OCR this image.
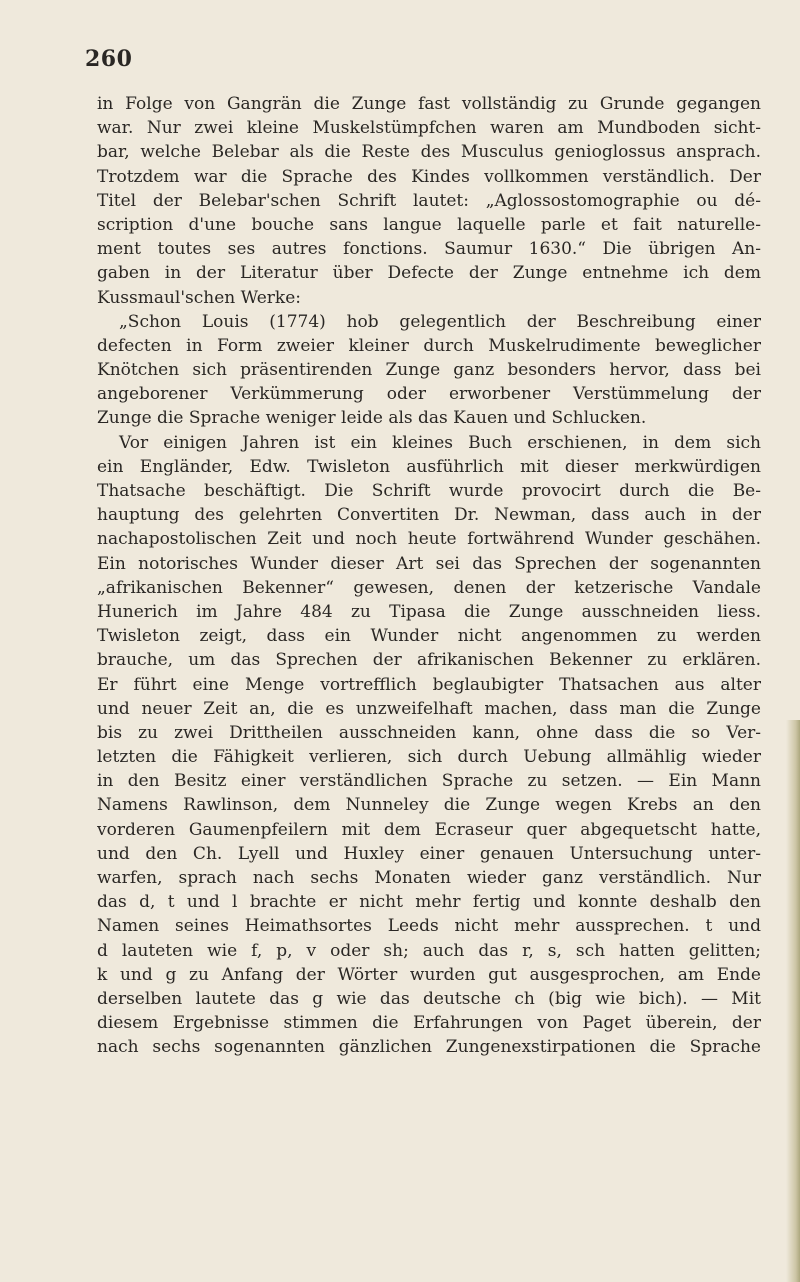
260
in Folge von Gangrän die Zunge fast vollständig zu Grunde gegangen
war. Nur zwei kleine Muskelstümpfchen waren am Mundboden sicht-
bar, welche Belebar als die Reste des Musculus genioglossus ansprach.
Trotzdem war die Sprache des Kindes vollkommen verständlich. Der
Titel der Belebar'schen Schrift lautet: „Aglossostomographie ou dé-
scription d'une bouche sans langue laquelle parle et fait naturelle-
ment toutes ses autres fonctions. Saumur 1630.“ Die übrigen An-
gaben in der Literatur über Defecte der Zunge entnehme ich dem
Kussmaul'schen Werke:
„Schon Louis (1774) hob gelegentlich der Beschreibung einer
defecten in Form zweier kleiner durch Muskelrudimente beweglicher
Knötchen sich präsentirenden Zunge ganz besonders hervor, dass bei
angeborener Verkümmerung oder erworbener Verstümmelung der
Zunge die Sprache weniger leide als das Kauen und Schlucken.
Vor einigen Jahren ist ein kleines Buch erschienen, in dem sich
ein Engländer, Edw. Twisleton ausführlich mit dieser merkwürdigen
Thatsache beschäftigt. Die Schrift wurde provocirt durch die Be-
hauptung des gelehrten Convertiten Dr. Newman, dass auch in der
nachapostolischen Zeit und noch heute fortwährend Wunder geschähen.
Ein notorisches Wunder dieser Art sei das Sprechen der sogenannten
„afrikanischen Bekenner“ gewesen, denen der ketzerische Vandale
Hunerich im Jahre 484 zu Tipasa die Zunge ausschneiden liess.
Twisleton zeigt, dass ein Wunder nicht angenommen zu werden
brauche, um das Sprechen der afrikanischen Bekenner zu erklären.
Er führt eine Menge vortrefflich beglaubigter Thatsachen aus alter
und neuer Zeit an, die es unzweifelhaft machen, dass man die Zunge
bis zu zwei Drittheilen ausschneiden kann, ohne dass die so Ver-
letzten die Fähigkeit verlieren, sich durch Uebung allmählig wieder
in den Besitz einer verständlichen Sprache zu setzen. — Ein Mann
Namens Rawlinson, dem Nunneley die Zunge wegen Krebs an den
vorderen Gaumenpfeilern mit dem Ecraseur quer abgequetscht hatte,
und den Ch. Lyell und Huxley einer genauen Untersuchung unter-
warfen, sprach nach sechs Monaten wieder ganz verständlich. Nur
das d, t und l brachte er nicht mehr fertig und konnte deshalb den
Namen seines Heimathsortes Leeds nicht mehr aussprechen. t und
d lauteten wie f, p, v oder sh; auch das r, s, sch hatten gelitten;
k und g zu Anfang der Wörter wurden gut ausgesprochen, am Ende
derselben lautete das g wie das deutsche ch (big wie bich). — Mit
diesem Ergebnisse stimmen die Erfahrungen von Paget überein, der
nach sechs sogenannten gänzlichen Zungenexstirpationen die Sprache
